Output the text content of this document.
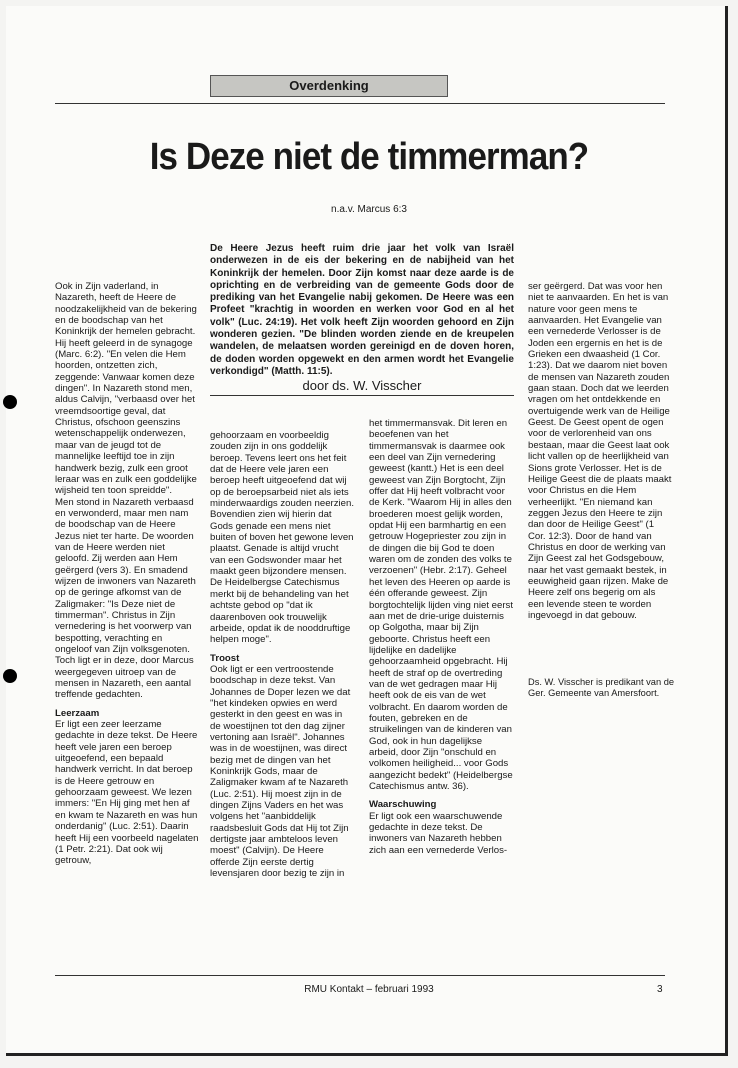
Overdenking
Is Deze niet de timmerman?
n.a.v. Marcus 6:3
De Heere Jezus heeft ruim drie jaar het volk van Israël onderwezen in de eis der bekering en de nabijheid van het Koninkrijk der hemelen. Door Zijn komst naar deze aarde is de oprichting en de verbreiding van de gemeente Gods door de prediking van het Evangelie nabij gekomen. De Heere was een Profeet "krachtig in woorden en werken voor God en al het volk" (Luc. 24:19). Het volk heeft Zijn woorden gehoord en Zijn wonderen gezien. "De blinden worden ziende en de kreupelen wandelen, de melaatsen worden gereinigd en de doven horen, de doden worden opgewekt en den armen wordt het Evangelie verkondigd" (Matth. 11:5).
door ds. W. Visscher

Ook in Zijn vaderland, in Nazareth, heeft de Heere de noodzakelijkheid van de bekering en de boodschap van het Koninkrijk der hemelen gebracht. Hij heeft geleerd in de synagoge (Marc. 6:2). "En velen die Hem hoorden, ontzetten zich, zeggende: Vanwaar komen deze dingen". In Nazareth stond men, aldus Calvijn, "verbaasd over het vreemdsoortige geval, dat Christus, ofschoon geenszins wetenschappelijk onderwezen, maar van de jeugd tot de mannelijke leeftijd toe in zijn handwerk bezig, zulk een groot leraar was en zulk een goddelijke wijsheid ten toon spreidde".

Men stond in Nazareth verbaasd en verwonderd, maar men nam de boodschap van de Heere Jezus niet ter harte. De woorden van de Heere werden niet geloofd. Zij werden aan Hem geërgerd (vers 3). En smadend wijzen de inwoners van Nazareth op de geringe afkomst van de Zaligmaker: "Is Deze niet de timmerman". Christus in Zijn vernedering is het voorwerp van bespotting, verachting en ongeloof van Zijn volksgenoten.

Toch ligt er in deze, door Marcus weergegeven uitroep van de mensen in Nazareth, een aantal treffende gedachten.

Leerzaam

Er ligt een zeer leerzame gedachte in deze tekst. De Heere heeft vele jaren een beroep uitgeoefend, een bepaald handwerk verricht. In dat beroep is de Heere getrouw en gehoorzaam geweest. We lezen immers: "En Hij ging met hen af en kwam te Nazareth en was hun onderdanig" (Luc. 2:51). Daarin heeft Hij een voorbeeld nagelaten (1 Petr. 2:21). Dat ook wij getrouw,

gehoorzaam en voorbeeldig zouden zijn in ons goddelijk beroep. Tevens leert ons het feit dat de Heere vele jaren een beroep heeft uitgeoefend dat wij op de beroepsarbeid niet als iets minderwaardigs zouden neerzien. Bovendien zien wij hierin dat Gods genade een mens niet buiten of boven het gewone leven plaatst. Genade is altijd vrucht van een Godswonder maar het maakt geen bijzondere mensen. De Heidelbergse Catechismus merkt bij de behandeling van het achtste gebod op "dat ik daarenboven ook trouwelijk arbeide, opdat ik de nooddruftige helpen moge".

Troost

Ook ligt er een vertroostende boodschap in deze tekst. Van Johannes de Doper lezen we dat "het kindeken opwies en werd gesterkt in den geest en was in de woestijnen tot den dag zijner vertoning aan Israël". Johannes was in de woestijnen, was direct bezig met de dingen van het Koninkrijk Gods, maar de Zaligmaker kwam af te Nazareth (Luc. 2:51). Hij moest zijn in de dingen Zijns Vaders en het was volgens het "aanbiddelijk raadsbesluit Gods dat Hij tot Zijn dertigste jaar ambteloos leven moest" (Calvijn). De Heere offerde Zijn eerste dertig levensjaren door bezig te zijn in

het timmermansvak. Dit leren en beoefenen van het timmermansvak is daarmee ook een deel van Zijn vernedering geweest (kantt.) Het is een deel geweest van Zijn Borgtocht, Zijn offer dat Hij heeft volbracht voor de Kerk. "Waarom Hij in alles den broederen moest gelijk worden, opdat Hij een barmhartig en een getrouw Hogepriester zou zijn in de dingen die bij God te doen waren om de zonden des volks te verzoenen" (Hebr. 2:17). Geheel het leven des Heeren op aarde is één offerande geweest. Zijn borgtochtelijk lijden ving niet eerst aan met de drie-urige duisternis op Golgotha, maar bij Zijn geboorte. Christus heeft een lijdelijke en dadelijke gehoorzaamheid opgebracht. Hij heeft de straf op de overtreding van de wet gedragen maar Hij heeft ook de eis van de wet volbracht. En daarom worden de fouten, gebreken en de struikelingen van de kinderen van God, ook in hun dagelijkse arbeid, door Zijn "onschuld en volkomen heiligheid... voor Gods aangezicht bedekt" (Heidelbergse Catechismus antw. 36).

Waarschuwing

Er ligt ook een waarschuwende gedachte in deze tekst. De inwoners van Nazareth hebben zich aan een vernederde Verlos-

ser geërgerd. Dat was voor hen niet te aanvaarden. En het is van nature voor geen mens te aanvaarden. Het Evangelie van een vernederde Verlosser is de Joden een ergernis en het is de Grieken een dwaasheid (1 Cor. 1:23). Dat we daarom niet boven de mensen van Nazareth zouden gaan staan. Doch dat we leerden vragen om het ontdekkende en overtuigende werk van de Heilige Geest. De Geest opent de ogen voor de verlorenheid van ons bestaan, maar die Geest laat ook licht vallen op de heerlijkheid van Sions grote Verlosser. Het is de Heilige Geest die de plaats maakt voor Christus en die Hem verheerlijkt. "En niemand kan zeggen Jezus den Heere te zijn dan door de Heilige Geest" (1 Cor. 12:3). Door de hand van Christus en door de werking van Zijn Geest zal het Godsgebouw, naar het vast gemaakt bestek, in eeuwigheid gaan rijzen. Make de Heere zelf ons begerig om als een levende steen te worden ingevoegd in dat gebouw.

Ds. W. Visscher is predikant van de Ger. Gemeente van Amersfoort.
RMU Kontakt – februari 1993	3
